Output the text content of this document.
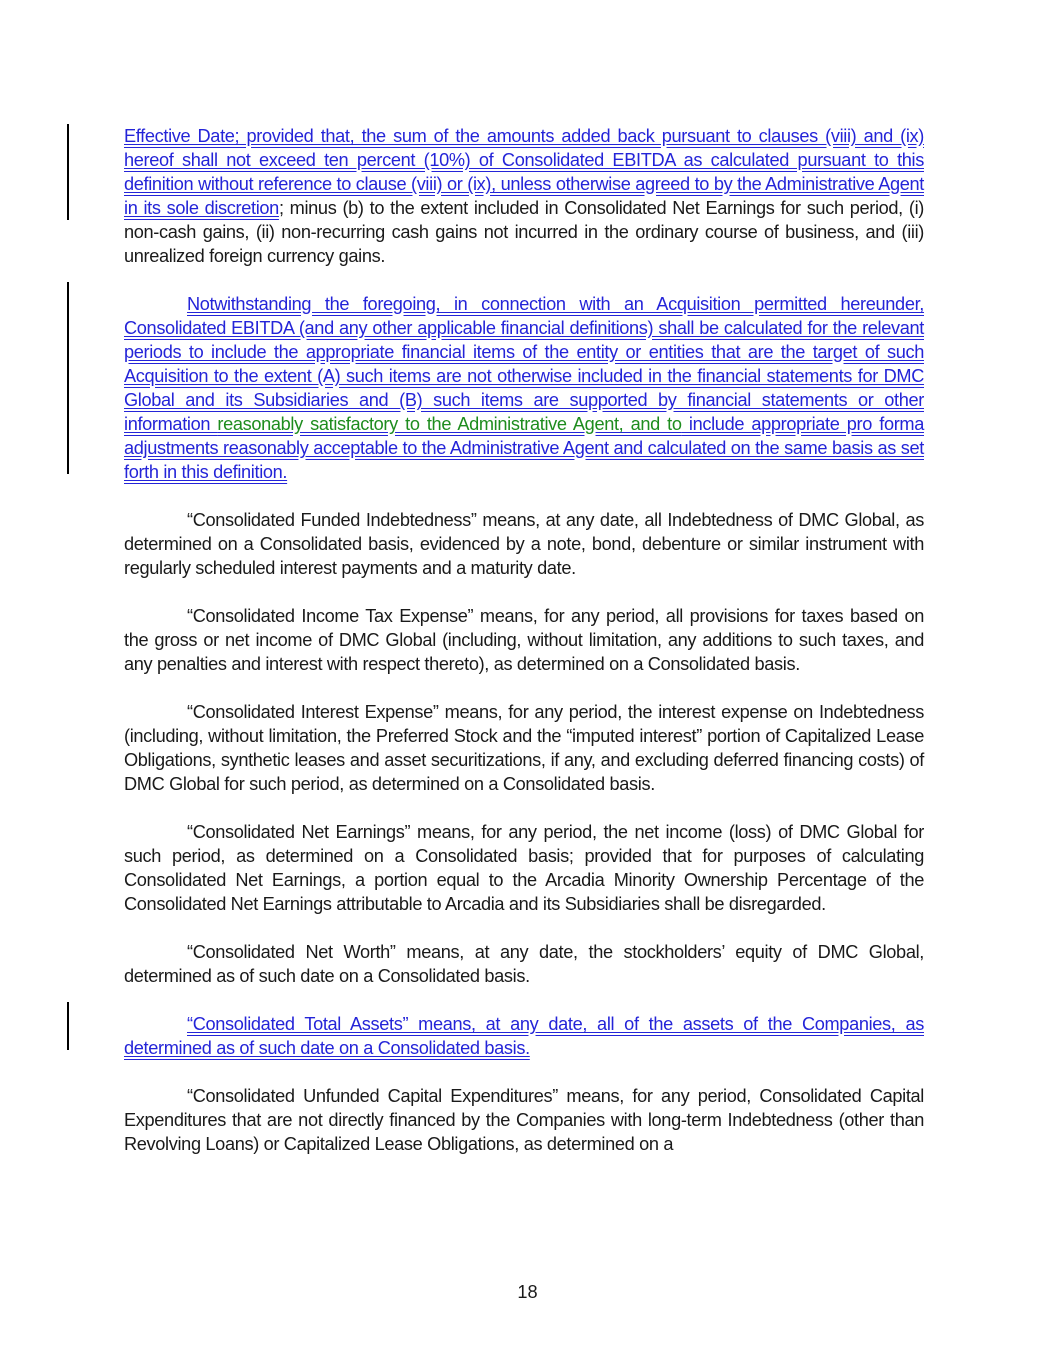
Effective Date; provided that, the sum of the amounts added back pursuant to clauses (viii) and (ix) hereof shall not exceed ten percent (10%) of Consolidated EBITDA as calculated pursuant to this definition without reference to clause (viii) or (ix), unless otherwise agreed to by the Administrative Agent in its sole discretion; minus (b) to the extent included in Consolidated Net Earnings for such period, (i) non-cash gains, (ii) non-recurring cash gains not incurred in the ordinary course of business, and (iii) unrealized foreign currency gains.

Notwithstanding the foregoing, in connection with an Acquisition permitted hereunder, Consolidated EBITDA (and any other applicable financial definitions) shall be calculated for the relevant periods to include the appropriate financial items of the entity or entities that are the target of such Acquisition to the extent (A) such items are not otherwise included in the financial statements for DMC Global and its Subsidiaries and (B) such items are supported by financial statements or other information reasonably satisfactory to the Administrative Agent, and to include appropriate pro forma adjustments reasonably acceptable to the Administrative Agent and calculated on the same basis as set forth in this definition.

“Consolidated Funded Indebtedness” means, at any date, all Indebtedness of DMC Global, as determined on a Consolidated basis, evidenced by a note, bond, debenture or similar instrument with regularly scheduled interest payments and a maturity date.

“Consolidated Income Tax Expense” means, for any period, all provisions for taxes based on the gross or net income of DMC Global (including, without limitation, any additions to such taxes, and any penalties and interest with respect thereto), as determined on a Consolidated basis.

“Consolidated Interest Expense” means, for any period, the interest expense on Indebtedness (including, without limitation, the Preferred Stock and the “imputed interest” portion of Capitalized Lease Obligations, synthetic leases and asset securitizations, if any, and excluding deferred financing costs) of DMC Global for such period, as determined on a Consolidated basis.

“Consolidated Net Earnings” means, for any period, the net income (loss) of DMC Global for such period, as determined on a Consolidated basis; provided that for purposes of calculating Consolidated Net Earnings, a portion equal to the Arcadia Minority Ownership Percentage of the Consolidated Net Earnings attributable to Arcadia and its Subsidiaries shall be disregarded.

“Consolidated Net Worth” means, at any date, the stockholders’ equity of DMC Global, determined as of such date on a Consolidated basis.

“Consolidated Total Assets” means, at any date, all of the assets of the Companies, as determined as of such date on a Consolidated basis.

“Consolidated Unfunded Capital Expenditures” means, for any period, Consolidated Capital Expenditures that are not directly financed by the Companies with long-term Indebtedness (other than Revolving Loans) or Capitalized Lease Obligations, as determined on a

18
